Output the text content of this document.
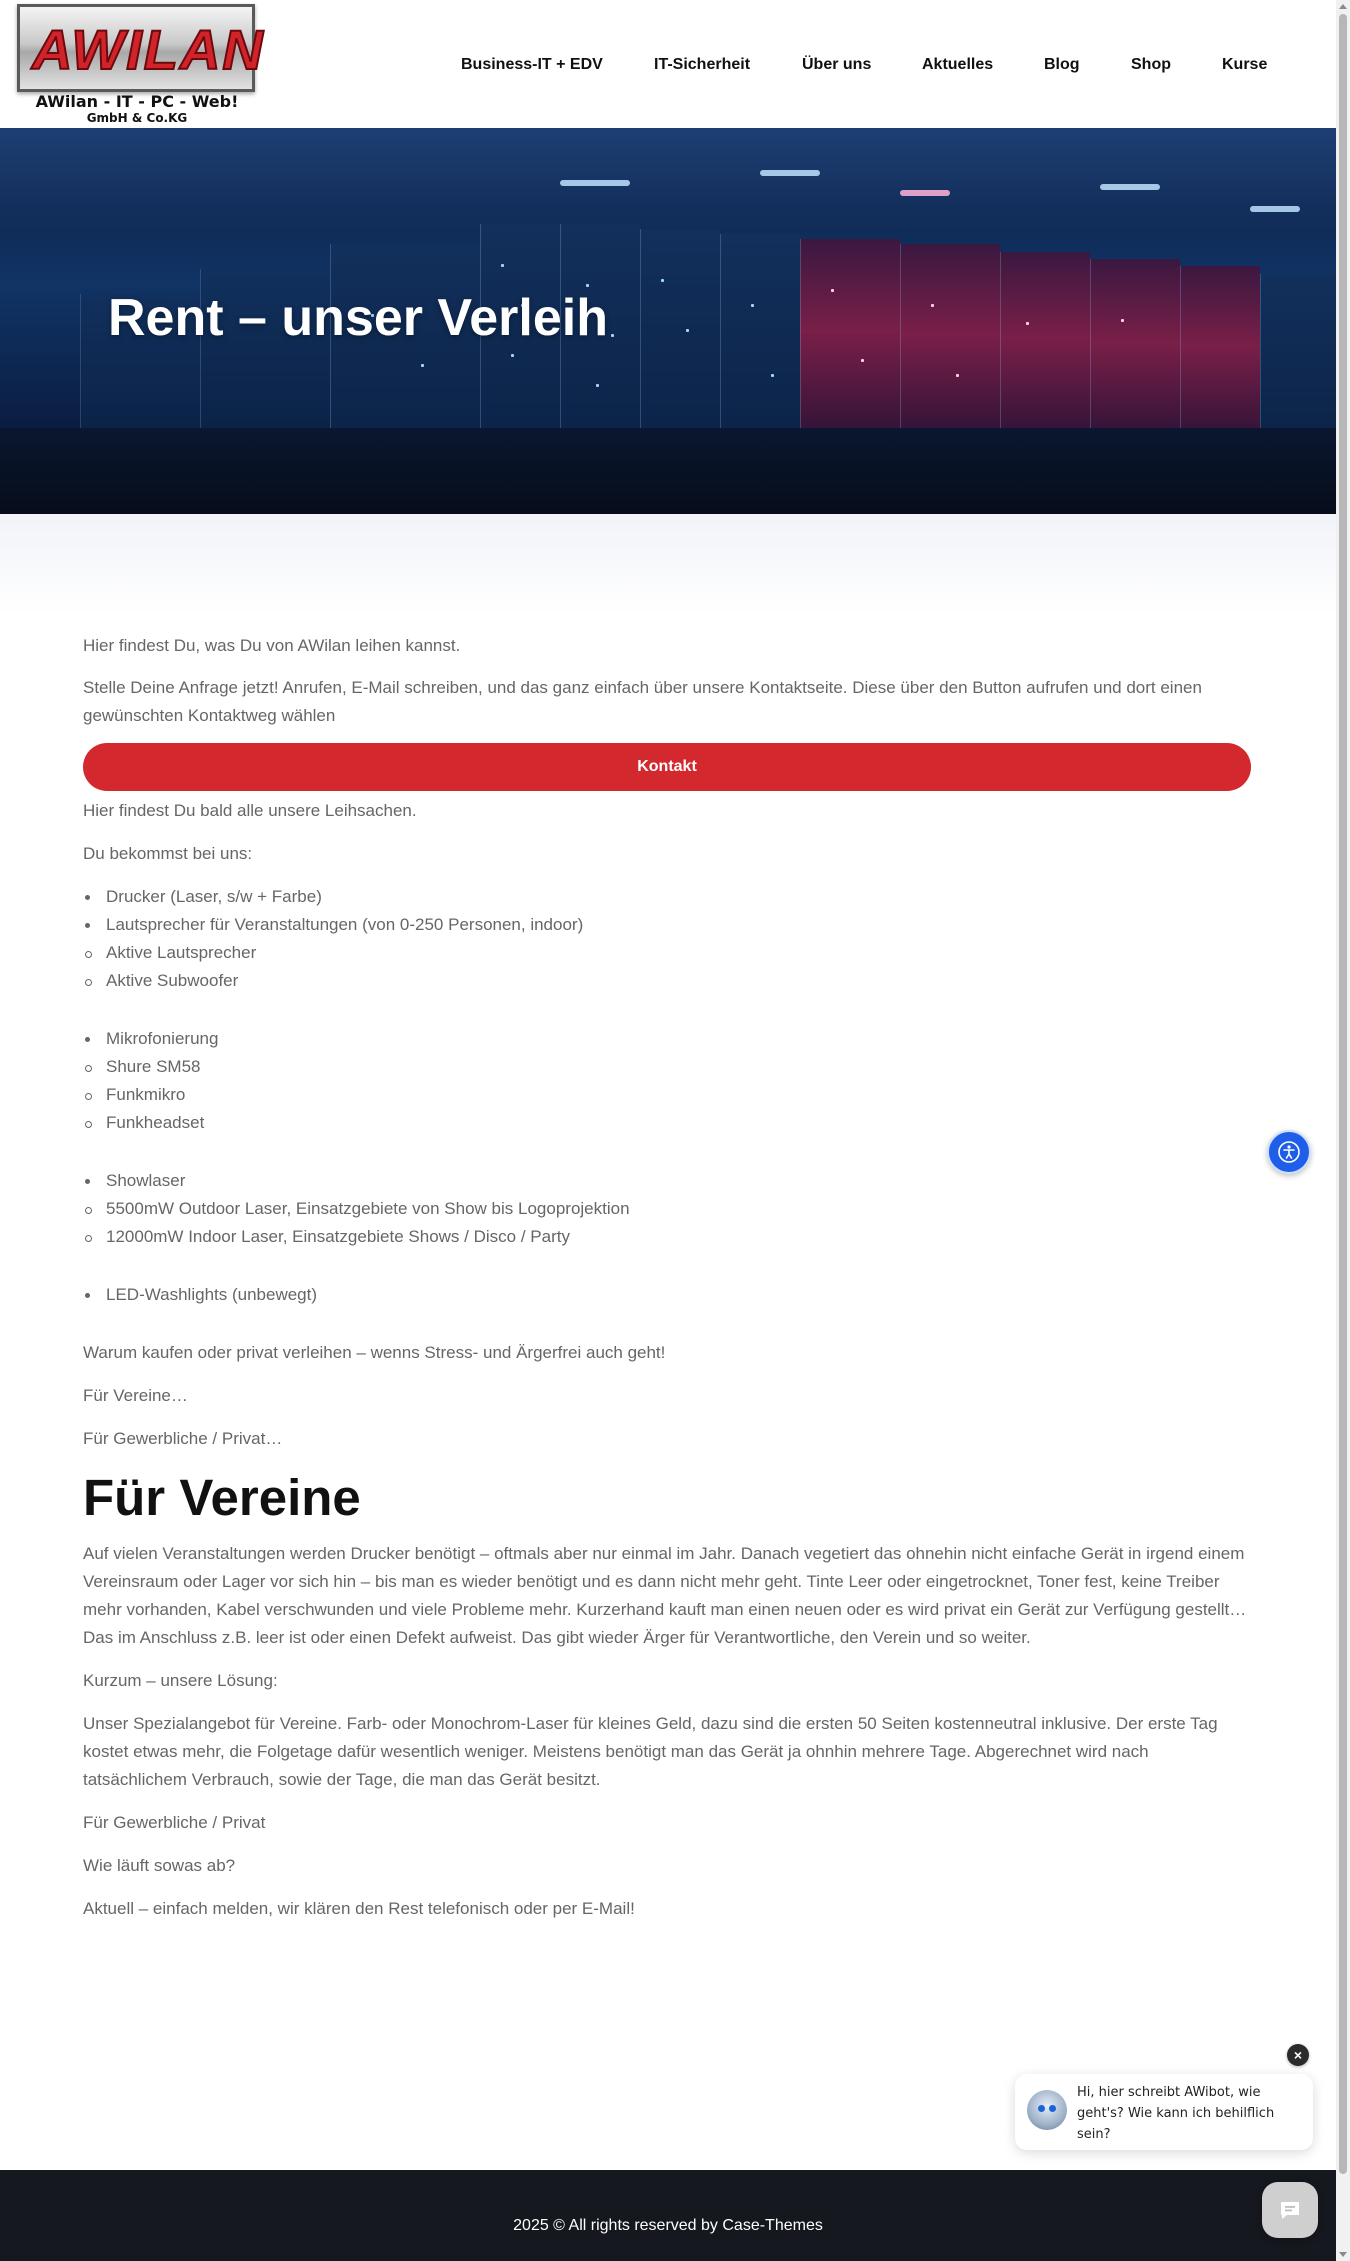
AWILAN
AWilan - IT - PC - Web!
GmbH & Co.KG
Business-IT + EDV	IT-Sicherheit	Über uns	Aktuelles	Blog	Shop	Kurse
Rent – unser Verleih

Hier findest Du, was Du von AWilan leihen kannst.

Stelle Deine Anfrage jetzt! Anrufen, E-Mail schreiben, und das ganz einfach über unsere Kontaktseite. Diese über den Button aufrufen und dort einen gewünschten Kontaktweg wählen

Kontakt

Hier findest Du bald alle unsere Leihsachen.

Du bekommst bei uns:

Drucker (Laser, s/w + Farbe)
Lautsprecher für Veranstaltungen (von 0-250 Personen, indoor)
Aktive Lautsprecher
Aktive Subwoofer
Mikrofonierung
Shure SM58
Funkmikro
Funkheadset
Showlaser
5500mW Outdoor Laser, Einsatzgebiete von Show bis Logoprojektion
12000mW Indoor Laser, Einsatzgebiete Shows / Disco / Party
LED-Washlights (unbewegt)

Warum kaufen oder privat verleihen – wenns Stress- und Ärgerfrei auch geht!

Für Vereine…

Für Gewerbliche / Privat…

Für Vereine

Auf vielen Veranstaltungen werden Drucker benötigt – oftmals aber nur einmal im Jahr. Danach vegetiert das ohnehin nicht einfache Gerät in irgend einem Vereinsraum oder Lager vor sich hin – bis man es wieder benötigt und es dann nicht mehr geht. Tinte Leer oder eingetrocknet, Toner fest, keine Treiber mehr vorhanden, Kabel verschwunden und viele Probleme mehr. Kurzerhand kauft man einen neuen oder es wird privat ein Gerät zur Verfügung gestellt… Das im Anschluss z.B. leer ist oder einen Defekt aufweist. Das gibt wieder Ärger für Verantwortliche, den Verein und so weiter.

Kurzum – unsere Lösung:

Unser Spezialangebot für Vereine. Farb- oder Monochrom-Laser für kleines Geld, dazu sind die ersten 50 Seiten kostenneutral inklusive. Der erste Tag kostet etwas mehr, die Folgetage dafür wesentlich weniger. Meistens benötigt man das Gerät ja ohnhin mehrere Tage. Abgerechnet wird nach tatsächlichem Verbrauch, sowie der Tage, die man das Gerät besitzt.

Für Gewerbliche / Privat

Wie läuft sowas ab?

Aktuell – einfach melden, wir klären den Rest telefonisch oder per E-Mail!

2025 © All rights reserved by Case-Themes
×
Hi, hier schreibt AWibot, wie geht's? Wie kann ich behilflich sein?
